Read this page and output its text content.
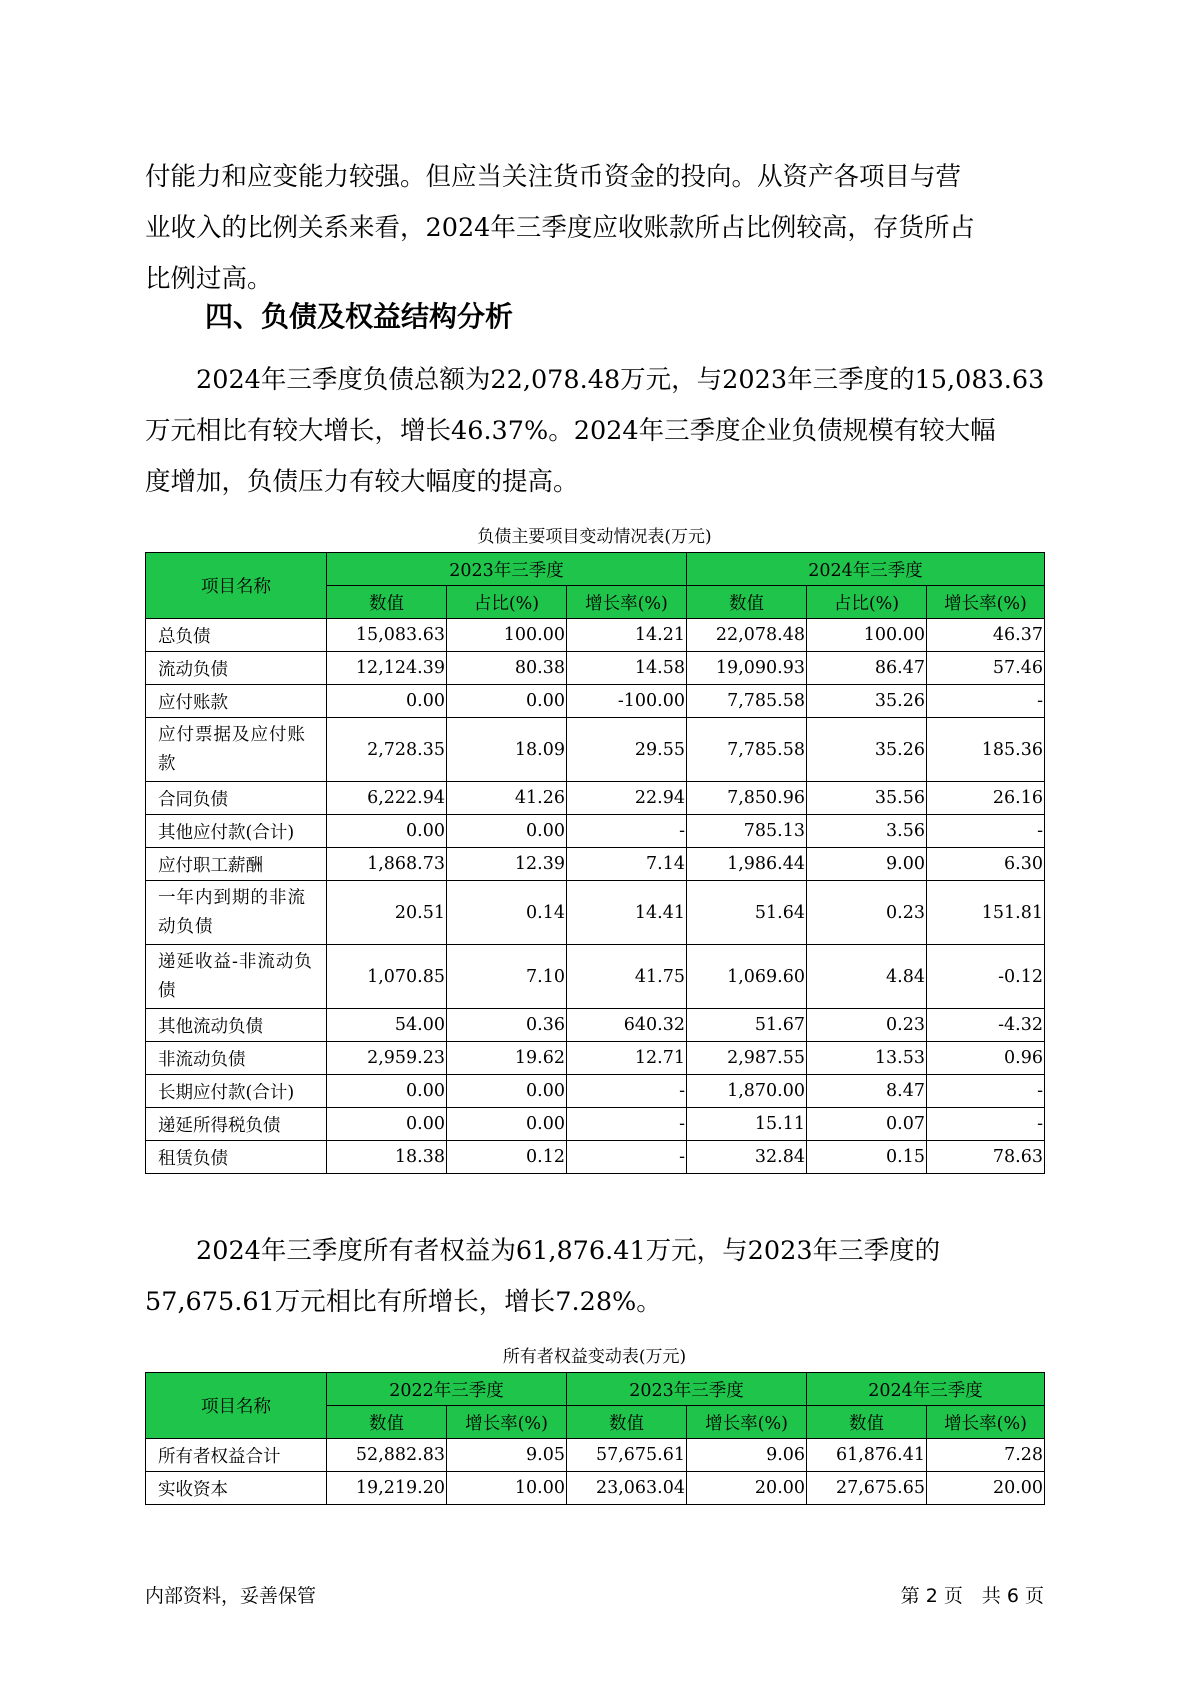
付能力和应变能力较强。但应当关注货币资金的投向。从资产各项目与营
业收入的比例关系来看，2024年三季度应收账款所占比例较高，存货所占
比例过高。
四、负债及权益结构分析
　　2024年三季度负债总额为22,078.48万元，与2023年三季度的15,083.63
万元相比有较大增长，增长46.37%。2024年三季度企业负债规模有较大幅
度增加，负债压力有较大幅度的提高。
负债主要项目变动情况表(万元)
项目名称	2023年三季度			2024年三季度		
	数值	占比(%)	增长率(%)	数值	占比(%)	增长率(%)
总负债	15,083.63	100.00	14.21	22,078.48	100.00	46.37
流动负债	12,124.39	80.38	14.58	19,090.93	86.47	57.46
应付账款	0.00	0.00	-100.00	7,785.58	35.26	-
应付票据及应付账款	2,728.35	18.09	29.55	7,785.58	35.26	185.36
合同负债	6,222.94	41.26	22.94	7,850.96	35.56	26.16
其他应付款(合计)	0.00	0.00	-	785.13	3.56	-
应付职工薪酬	1,868.73	12.39	7.14	1,986.44	9.00	6.30
一年内到期的非流动负债	20.51	0.14	14.41	51.64	0.23	151.81
递延收益-非流动负债	1,070.85	7.10	41.75	1,069.60	4.84	-0.12
其他流动负债	54.00	0.36	640.32	51.67	0.23	-4.32
非流动负债	2,959.23	19.62	12.71	2,987.55	13.53	0.96
长期应付款(合计)	0.00	0.00	-	1,870.00	8.47	-
递延所得税负债	0.00	0.00	-	15.11	0.07	-
租赁负债	18.38	0.12	-	32.84	0.15	78.63
　　2024年三季度所有者权益为61,876.41万元，与2023年三季度的
57,675.61万元相比有所增长，增长7.28%。
所有者权益变动表(万元)
项目名称	2022年三季度		2023年三季度		2024年三季度	
	数值	增长率(%)	数值	增长率(%)	数值	增长率(%)
所有者权益合计	52,882.83	9.05	57,675.61	9.06	61,876.41	7.28
实收资本	19,219.20	10.00	23,063.04	20.00	27,675.65	20.00
内部资料，妥善保管	第 2 页　共 6 页
